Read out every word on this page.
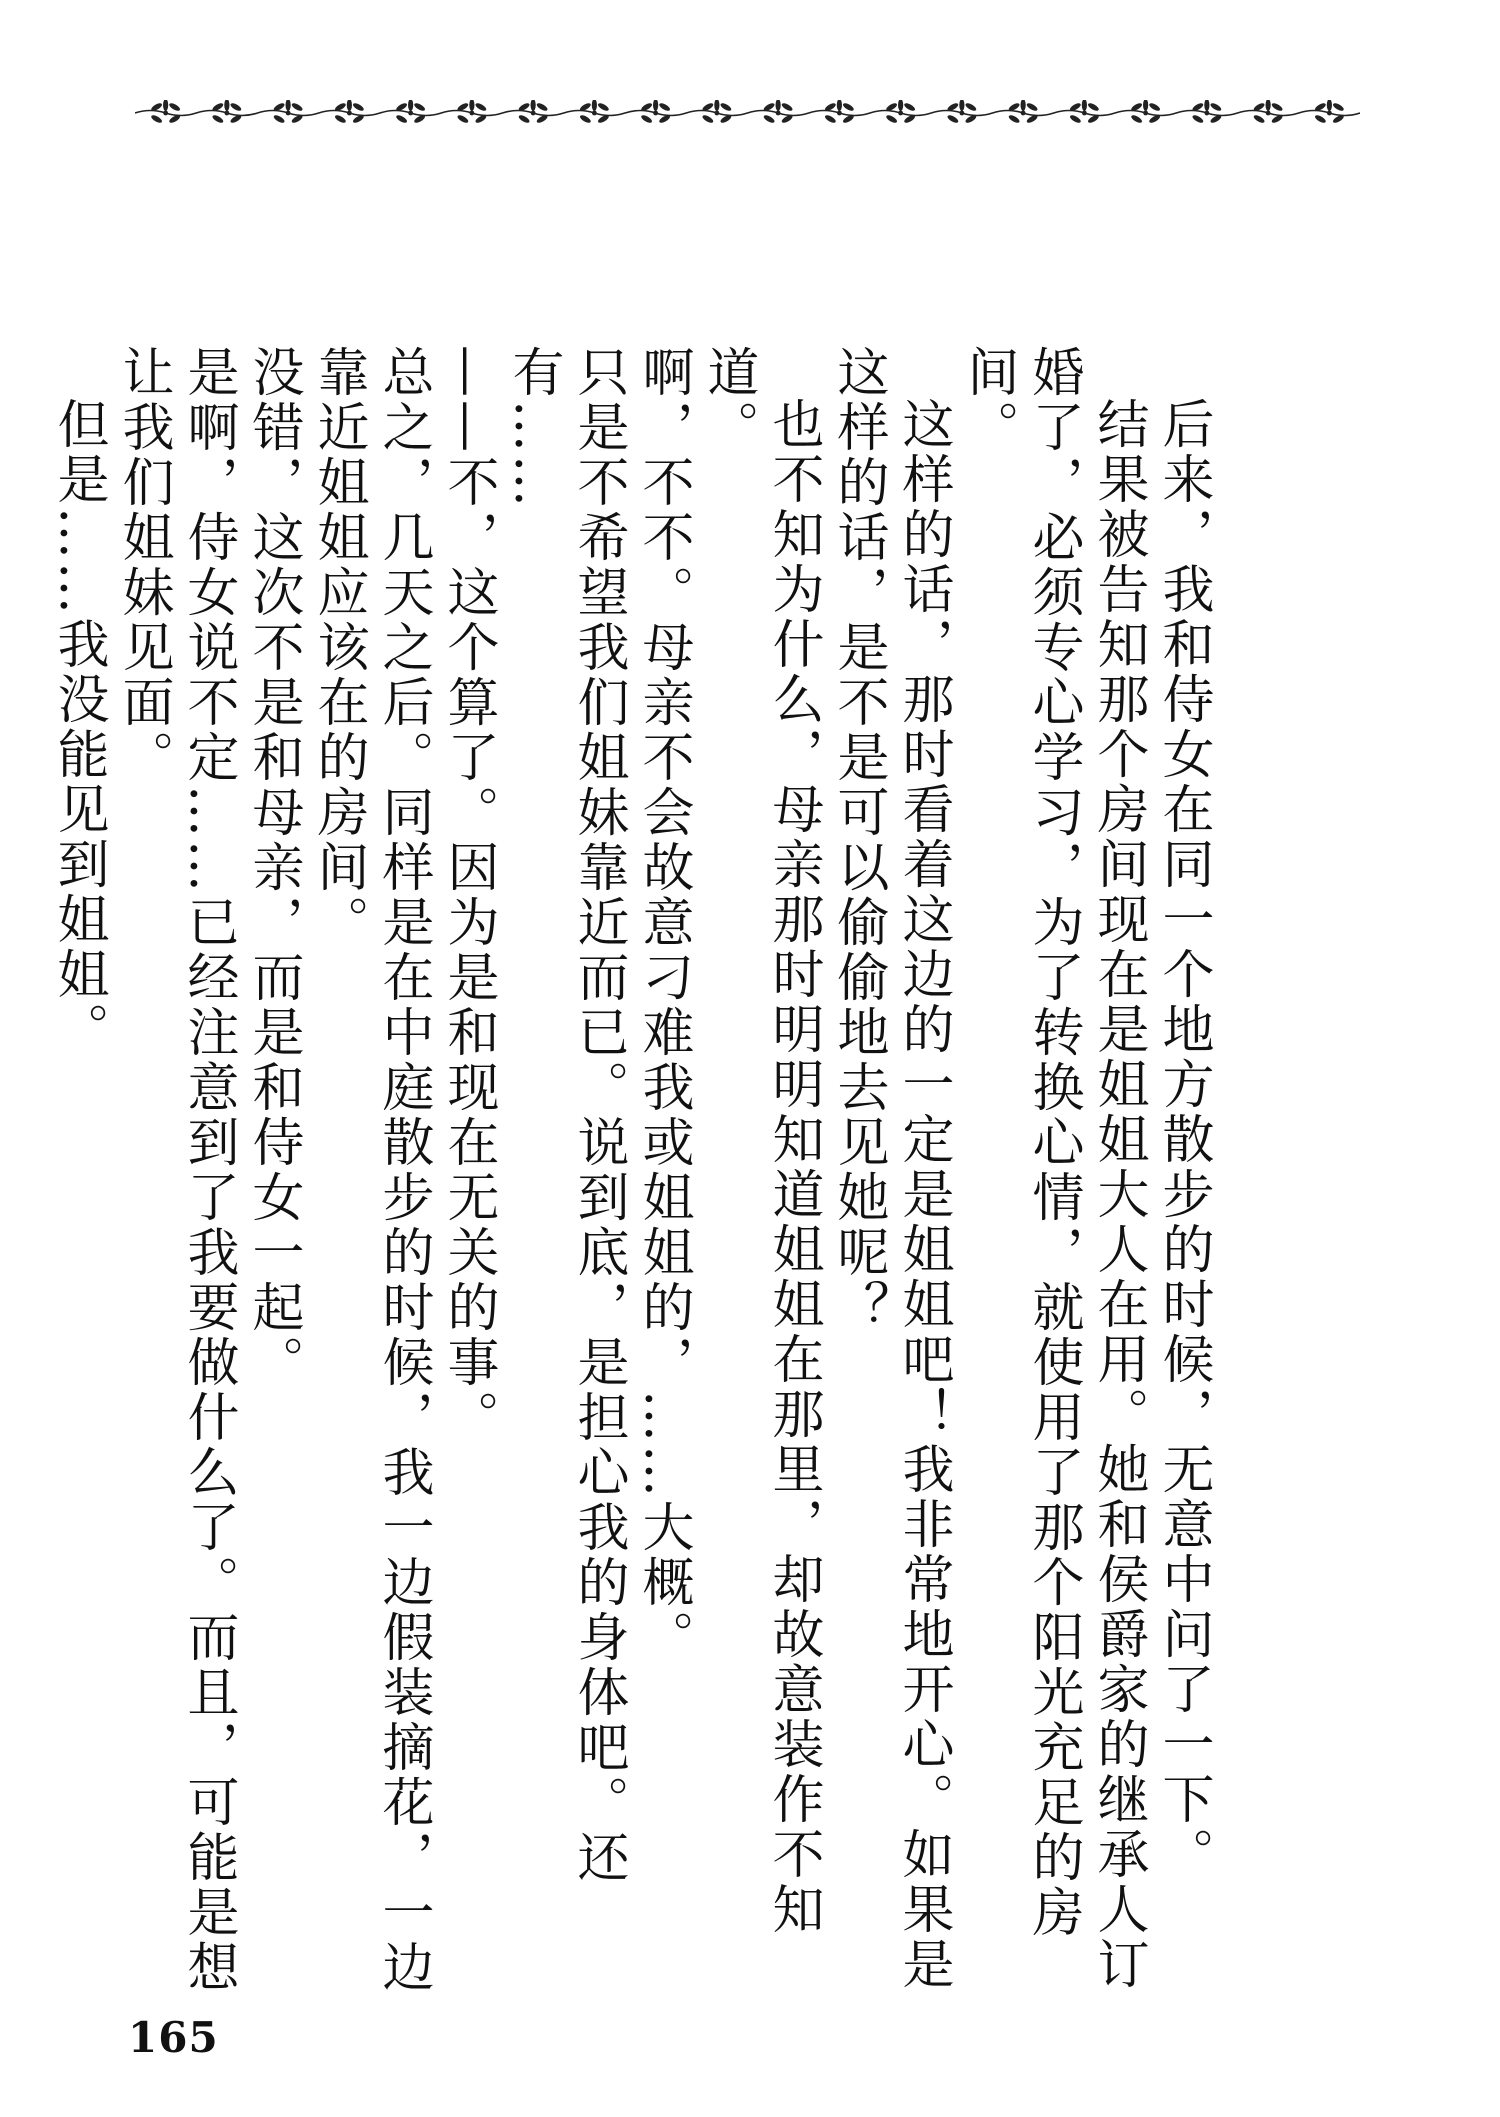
后来，我和侍女在同一个地方散步的时候，无意中问了一下。

结果被告知那个房间现在是姐姐大人在用。她和侯爵家的继承人订婚了，必须专心学习，为了转换心情，就使用了那个阳光充足的房间。

这样的话，那时看着这边的一定是姐姐吧！我非常地开心。如果是这样的话，是不是可以偷偷地去见她呢？

也不知为什么，母亲那时明明知道姐姐在那里，却故意装作不知道。

啊，不不。母亲不会故意刁难我或姐姐的，……大概。

只是不希望我们姐妹靠近而已。说到底，是担心我的身体吧。还有……

——不，这个算了。因为是和现在无关的事。

总之，几天之后。同样是在中庭散步的时候，我一边假装摘花，一边靠近姐姐应该在的房间。

没错，这次不是和母亲，而是和侍女一起。

是啊，侍女说不定……已经注意到了我要做什么了。而且，可能是想让我们姐妹见面。

但是……我没能见到姐姐。

165
